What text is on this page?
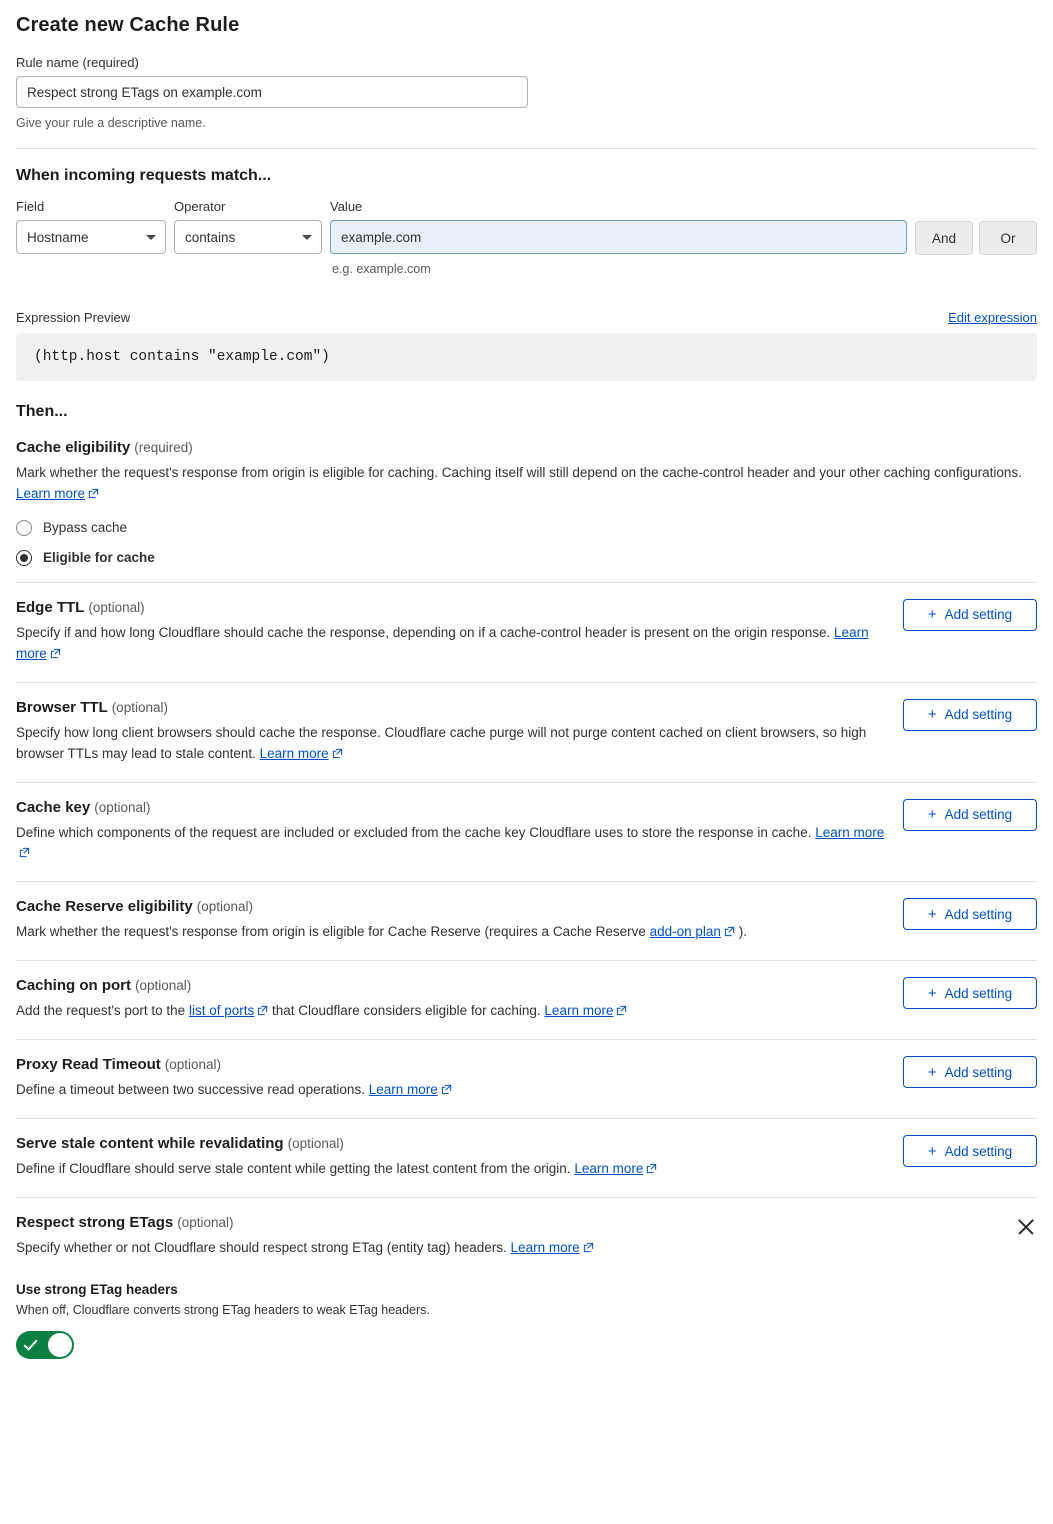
Create new Cache Rule
Rule name (required)
Respect strong ETags on example.com
Give your rule a descriptive name.
When incoming requests match...
Field
Hostname
Operator
contains
Value
example.com
e.g. example.com
And	Or
Expression Preview	Edit expression
(http.host contains "example.com")
Then...
Cache eligibility (required)
Mark whether the request's response from origin is eligible for caching. Caching itself will still depend on the cache-control header and your other caching configurations. Learn more
Bypass cache
Eligible for cache
Edge TTL (optional)
Specify if and how long Cloudflare should cache the response, depending on if a cache-control header is present on the origin response. Learn more
+ Add setting
Browser TTL (optional)
Specify how long client browsers should cache the response. Cloudflare cache purge will not purge content cached on client browsers, so high browser TTLs may lead to stale content. Learn more
+ Add setting
Cache key (optional)
Define which components of the request are included or excluded from the cache key Cloudflare uses to store the response in cache. Learn more
+ Add setting
Cache Reserve eligibility (optional)
Mark whether the request's response from origin is eligible for Cache Reserve (requires a Cache Reserve add-on plan ).
+ Add setting
Caching on port (optional)
Add the request's port to the list of ports that Cloudflare considers eligible for caching. Learn more
+ Add setting
Proxy Read Timeout (optional)
Define a timeout between two successive read operations. Learn more
+ Add setting
Serve stale content while revalidating (optional)
Define if Cloudflare should serve stale content while getting the latest content from the origin. Learn more
+ Add setting
Respect strong ETags (optional)
Specify whether or not Cloudflare should respect strong ETag (entity tag) headers. Learn more
Use strong ETag headers
When off, Cloudflare converts strong ETag headers to weak ETag headers.
